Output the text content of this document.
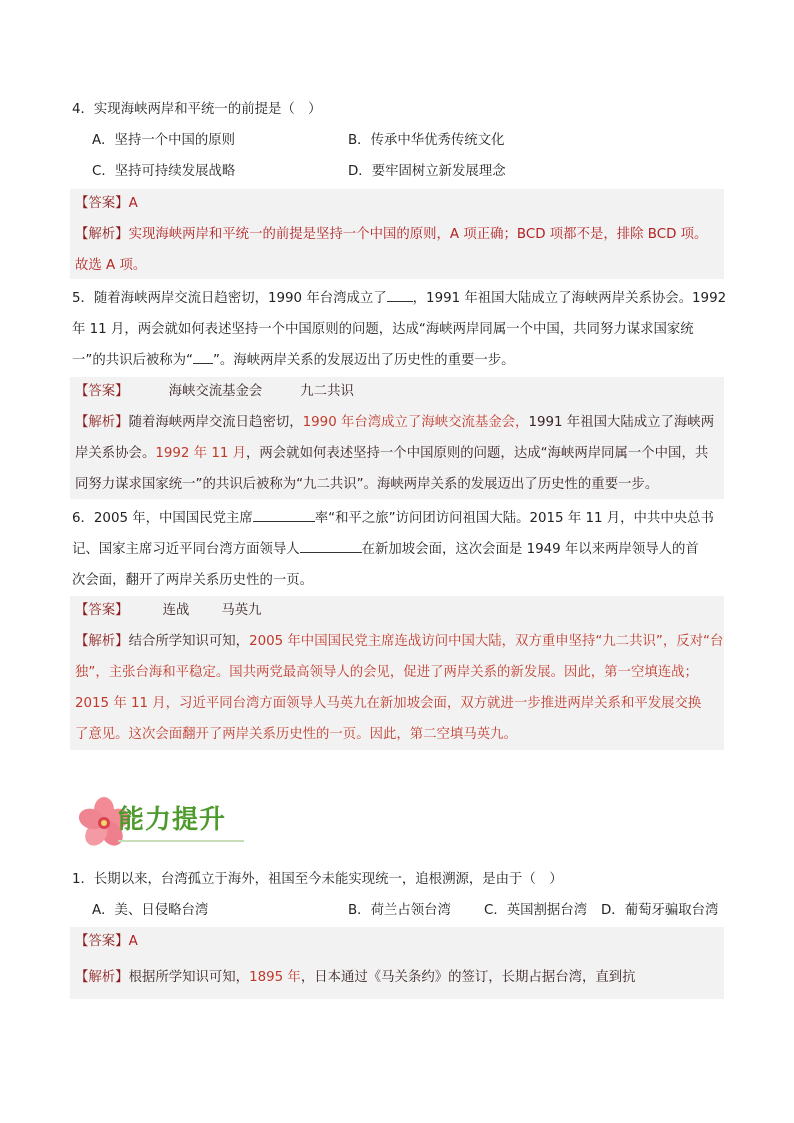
4．实现海峡两岸和平统一的前提是（　）
A．坚持一个中国的原则	B．传承中华优秀传统文化
C．坚持可持续发展战略	D．要牢固树立新发展理念
【答案】A
【解析】实现海峡两岸和平统一的前提是坚持一个中国的原则，A 项正确；BCD 项都不是，排除 BCD 项。
故选 A 项。
5．随着海峡两岸交流日趋密切，1990 年台湾成立了 ，1991 年祖国大陆成立了海峡两岸关系协会。1992
年 11 月，两会就如何表述坚持一个中国原则的问题，达成“海峡两岸同属一个中国，共同努力谋求国家统
一”的共识后被称为“ ”。海峡两岸关系的发展迈出了历史性的重要一步。
【答案】	海峡交流基金会	九二共识
【解析】随着海峡两岸交流日趋密切，1990 年台湾成立了海峡交流基金会，1991 年祖国大陆成立了海峡两
岸关系协会。1992 年 11 月，两会就如何表述坚持一个中国原则的问题，达成“海峡两岸同属一个中国，共
同努力谋求国家统一”的共识后被称为“九二共识”。海峡两岸关系的发展迈出了历史性的重要一步。
6．2005 年，中国国民党主席	率“和平之旅”访问团访问祖国大陆。2015 年 11 月，中共中央总书
记、国家主席习近平同台湾方面领导人	在新加坡会面，这次会面是 1949 年以来两岸领导人的首
次会面，翻开了两岸关系历史性的一页。
【答案】	连战 马英九
【解析】结合所学知识可知，2005 年中国国民党主席连战访问中国大陆，双方重申坚持“九二共识”，反对“台
独”，主张台海和平稳定。国共两党最高领导人的会见，促进了两岸关系的新发展。因此，第一空填连战；
2015 年 11 月，习近平同台湾方面领导人马英九在新加坡会面，双方就进一步推进两岸关系和平发展交换
了意见。这次会面翻开了两岸关系历史性的一页。因此，第二空填马英九。
能力提升
1．长期以来，台湾孤立于海外，祖国至今未能实现统一，追根溯源，是由于（　）
A．美、日侵略台湾	B．荷兰占领台湾 C．英国割据台湾 D．葡萄牙骗取台湾
【答案】A
【解析】根据所学知识可知，1895 年，日本通过《马关条约》的签订，长期占据台湾，直到抗
